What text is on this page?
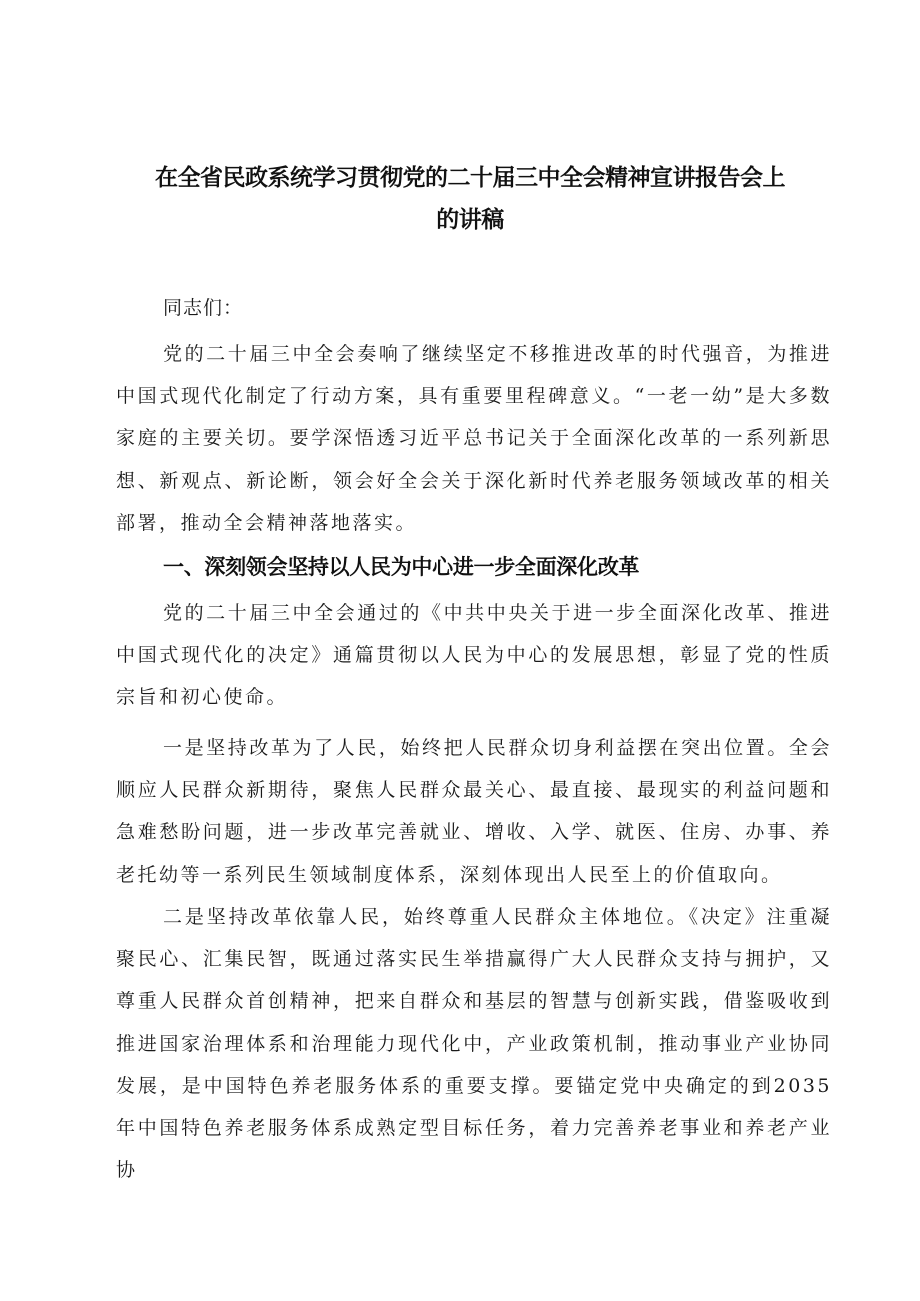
在全省民政系统学习贯彻党的二十届三中全会精神宣讲报告会上
的讲稿

同志们：

党的二十届三中全会奏响了继续坚定不移推进改革的时代强音，为推进中国式现代化制定了行动方案，具有重要里程碑意义。“一老一幼”是大多数家庭的主要关切。要学深悟透习近平总书记关于全面深化改革的一系列新思想、新观点、新论断，领会好全会关于深化新时代养老服务领域改革的相关部署，推动全会精神落地落实。

一、深刻领会坚持以人民为中心进一步全面深化改革

党的二十届三中全会通过的《中共中央关于进一步全面深化改革、推进中国式现代化的决定》通篇贯彻以人民为中心的发展思想，彰显了党的性质宗旨和初心使命。

一是坚持改革为了人民，始终把人民群众切身利益摆在突出位置。全会顺应人民群众新期待，聚焦人民群众最关心、最直接、最现实的利益问题和急难愁盼问题，进一步改革完善就业、增收、入学、就医、住房、办事、养老托幼等一系列民生领域制度体系，深刻体现出人民至上的价值取向。

二是坚持改革依靠人民，始终尊重人民群众主体地位。《决定》注重凝聚民心、汇集民智，既通过落实民生举措赢得广大人民群众支持与拥护，又尊重人民群众首创精神，把来自群众和基层的智慧与创新实践，借鉴吸收到推进国家治理体系和治理能力现代化中，产业政策机制，推动事业产业协同发展，是中国特色养老服务体系的重要支撑。要锚定党中央确定的到2035年中国特色养老服务体系成熟定型目标任务，着力完善养老事业和养老产业协
